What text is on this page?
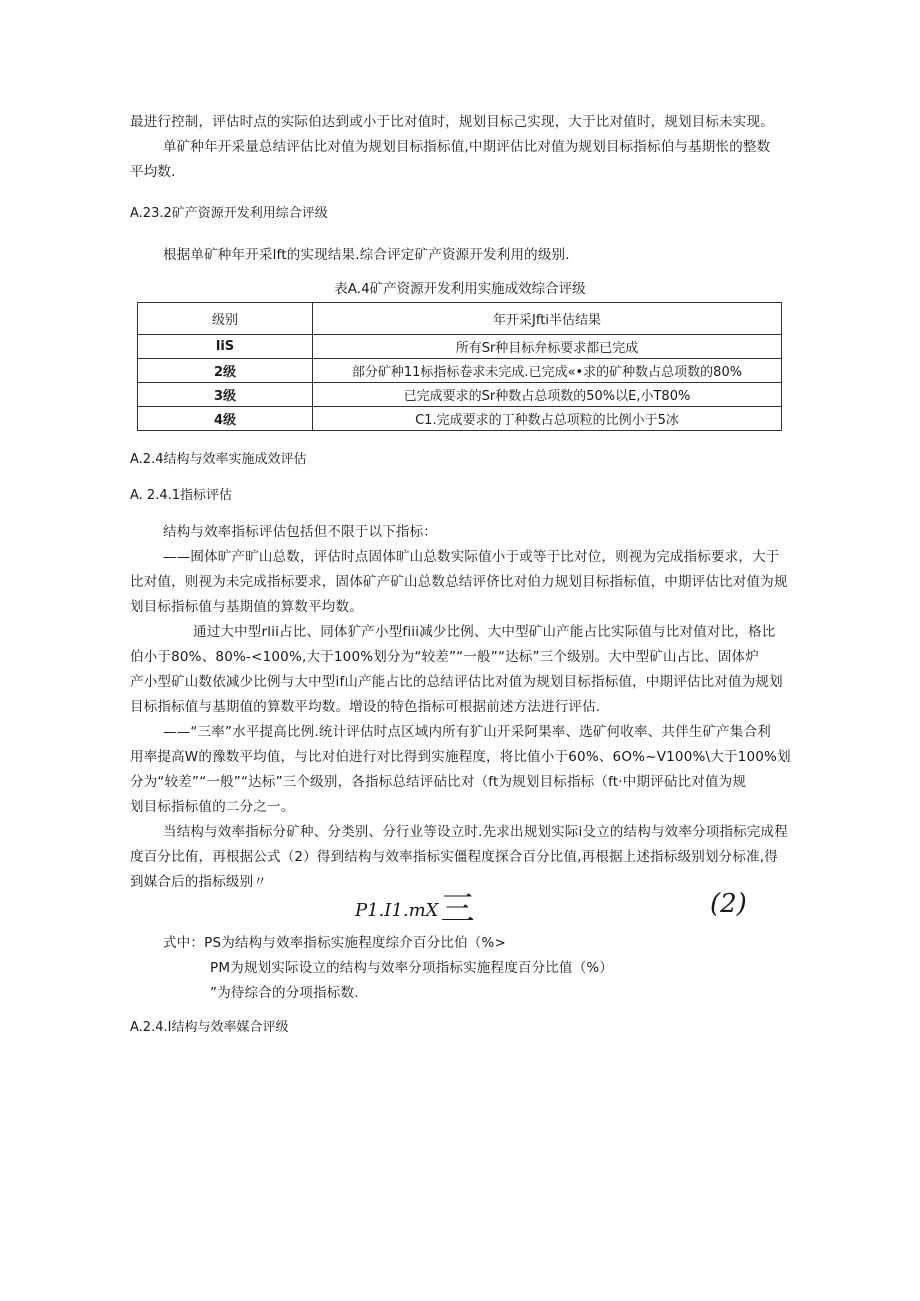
最进行控制，评估时点的实际伯达到或小于比对值时，规划目标己实现，大于比对值时，规划目标未实现。
单矿种年开采量总结评估比对值为规划目标指标值,中期评估比对值为规划目标指标伯与基期怅的整数
平均数.
A.23.2矿产资源开发利用综合评级
根据单矿种年开采lft的实现结果.综合评定矿产资源开发利用的级别.
表A.4矿产资源开发利用实施成效综合评级
级别	年开采Jfti半估结果
liS	所有Sr种目标弁标要求都已完成
2级	部分矿种11标指标卷求未完成.已完成«•求的矿种数占总项数的80%
3级	已完成要求的Sr种数占总项数的50%以E,小T80%
4级	C1.完成要求的丁种数占总项粒的比例小于5冰
A.2.4结构与效率实施成效评估
A. 2.4.1指标评估
结构与效率指标评估包括但不限于以下指标：
——囿体旷产旷山总数，评估时点固体旷山总数实际值小于或等于比对位，则视为完成指标要求，大于
比对值，则视为未完成指标要求，固体矿产矿山总数总结评侪比对伯力规划目标指标值，中期评估比对值为规
划目标指标值与基期值的算数平均数。
通过大中型rlii占比、同体犷产小型fiii减少比例、大中型矿山产能占比实际值与比对值对比，格比
伯小于80%、80%-<100%,大于100%划分为“较差”“一般”“达标”三个级别。大中型矿山占比、固体炉
产小型矿山数依减少比例与大中型if山产能占比的总结评估比对值为规划目标指标值，中期评估比对值为规划
目标指标值与基期值的算数平均数。增设的特色指标可根据前述方法进行评估.
——“三率”水平提高比例.统计评估时点区域内所有犷山开采阿果率、选矿何收率、共伴生矿产集合利
用率提高W的豫数平均值，与比对伯进行对比得到实施程度，将比值小于60%、6O%~V100%\大于100%划
分为“较差”“一般”“达标”三个级别，各指标总结评砧比对（ft为规划目标指标（ft·中期评砧比对值为规
划目标指标值的二分之一。
当结构与效率指标分矿种、分类别、分行业等设立时.先求出规划实际i殳立的结构与效率分项指标完成程
度百分比侑，再根据公式（2）得到结构与效率指标实僵程度探合百分比值,再根据上述指标级别划分标准,得
到媒合后的指标级别〃
P1.I1.mX三	(2)
式中：PS为结构与效率指标实施程度综介百分比伯（%>
PM为规划实际设立的结构与效率分项指标实施程度百分比值（%）
”为待综合的分项指标数.
A.2.4.I结构与效率媒合评级
